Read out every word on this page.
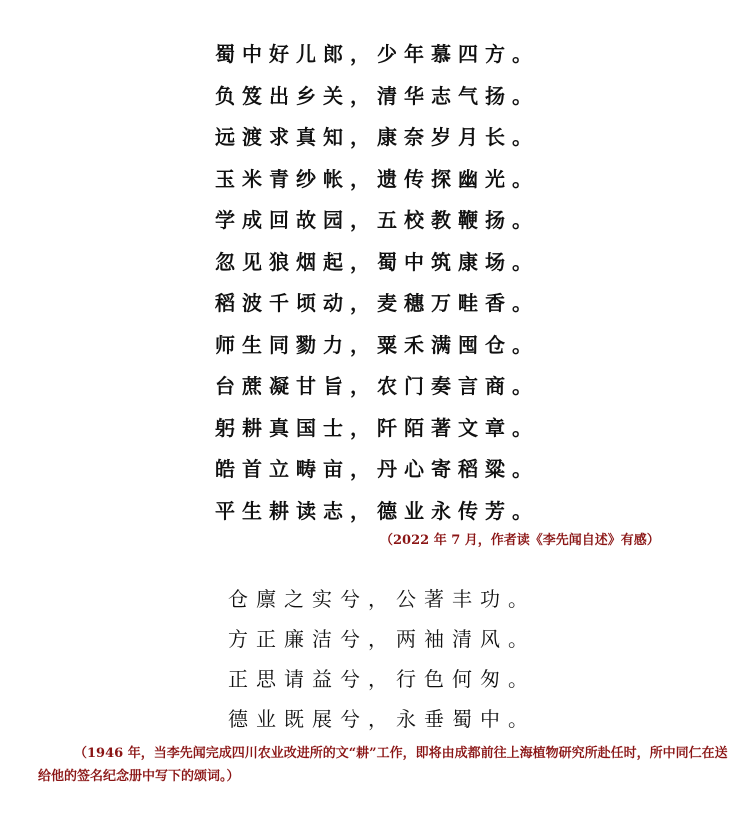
蜀中好儿郎，少年慕四方。
负笈出乡关，清华志气扬。
远渡求真知，康奈岁月长。
玉米青纱帐，遗传探幽光。
学成回故园，五校教鞭扬。
忽见狼烟起，蜀中筑康场。
稻波千顷动，麦穗万畦香。
师生同勠力，粟禾满囤仓。
台蔗凝甘旨，农门奏言商。
躬耕真国士，阡陌著文章。
皓首立畴亩，丹心寄稻粱。
平生耕读志，德业永传芳。
（2022 年 7 月，作者读《李先闻自述》有感）
仓廪之实兮，公著丰功。
方正廉洁兮，两袖清风。
正思请益兮，行色何匆。
德业既展兮，永垂蜀中。
（1946 年，当李先闻完成四川农业改进所的文“耕”工作，即将由成都前往上海植物研究所赴任时，所中同仁在送给他的签名纪念册中写下的颂词。）
